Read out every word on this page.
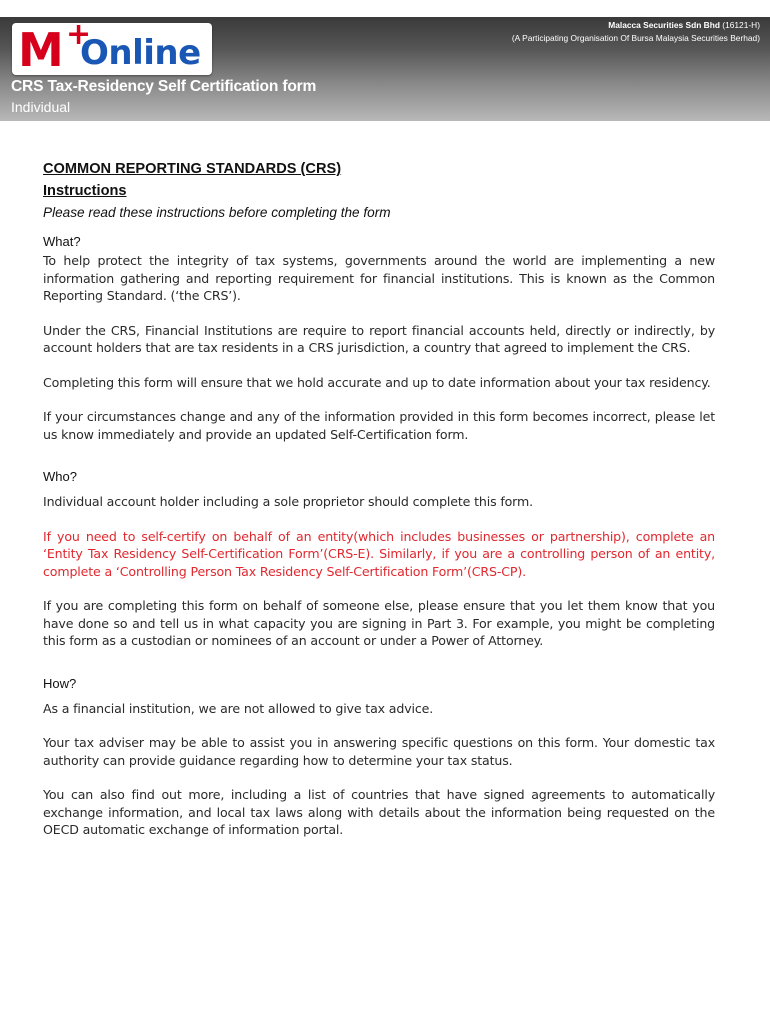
M +
Online
Malacca Securities Sdn Bhd (16121-H)
(A Participating Organisation Of Bursa Malaysia Securities Berhad)
CRS Tax-Residency Self Certification form
Individual
COMMON REPORTING STANDARDS (CRS)
Instructions
Please read these instructions before completing the form
What?

To help protect the integrity of tax systems, governments around the world are implementing a new information gathering and reporting requirement for financial institutions. This is known as the Common Reporting Standard. (‘the CRS’).

Under the CRS, Financial Institutions are require to report financial accounts held, directly or indirectly, by account holders that are tax residents in a CRS jurisdiction, a country that agreed to implement the CRS.

Completing this form will ensure that we hold accurate and up to date information about your tax residency.

If your circumstances change and any of the information provided in this form becomes incorrect, please let us know immediately and provide an updated Self-Certification form.

Who?

Individual account holder including a sole proprietor should complete this form.

If you need to self-certify on behalf of an entity(which includes businesses or partnership), complete an ‘Entity Tax Residency Self-Certification Form’(CRS-E). Similarly, if you are a controlling person of an entity, complete a ‘Controlling Person Tax Residency Self-Certification Form’(CRS-CP).

If you are completing this form on behalf of someone else, please ensure that you let them know that you have done so and tell us in what capacity you are signing in Part 3. For example, you might be completing this form as a custodian or nominees of an account or under a Power of Attorney.

How?

As a financial institution, we are not allowed to give tax advice.

Your tax adviser may be able to assist you in answering specific questions on this form. Your domestic tax authority can provide guidance regarding how to determine your tax status.

You can also find out more, including a list of countries that have signed agreements to automatically exchange information, and local tax laws along with details about the information being requested on the OECD automatic exchange of information portal.
